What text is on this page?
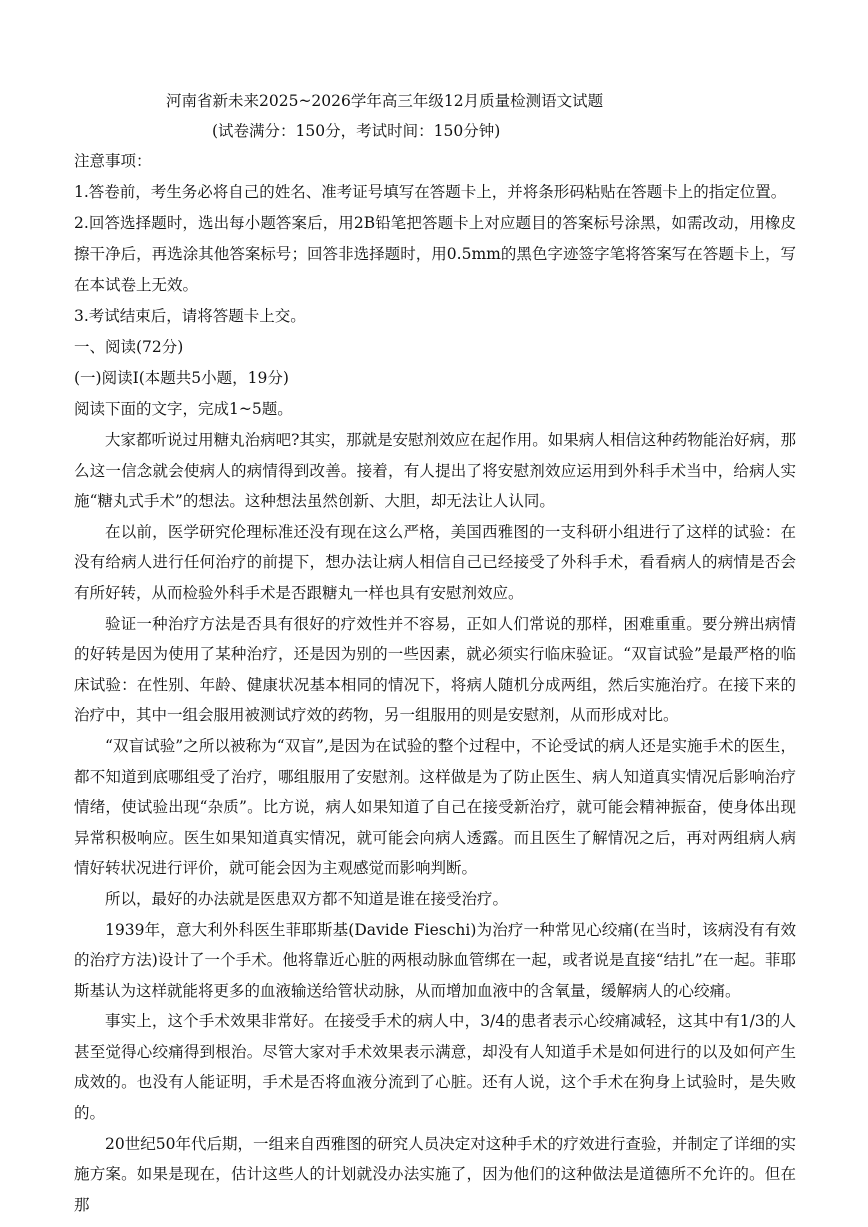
河南省新未来2025~2026学年高三年级12月质量检测语文试题

(试卷满分：150分，考试时间：150分钟)

注意事项：

1.答卷前，考生务必将自己的姓名、准考证号填写在答题卡上，并将条形码粘贴在答题卡上的指定位置。

2.回答选择题时，选出每小题答案后，用2B铅笔把答题卡上对应题目的答案标号涂黑，如需改动，用橡皮擦干净后，再选涂其他答案标号；回答非选择题时，用0.5mm的黑色字迹签字笔将答案写在答题卡上，写在本试卷上无效。

3.考试结束后，请将答题卡上交。

一、阅读(72分)

(一)阅读I(本题共5小题，19分)

阅读下面的文字，完成1~5题。

大家都听说过用糖丸治病吧?其实，那就是安慰剂效应在起作用。如果病人相信这种药物能治好病，那么这一信念就会使病人的病情得到改善。接着，有人提出了将安慰剂效应运用到外科手术当中，给病人实施“糖丸式手术”的想法。这种想法虽然创新、大胆，却无法让人认同。

在以前，医学研究伦理标准还没有现在这么严格，美国西雅图的一支科研小组进行了这样的试验：在没有给病人进行任何治疗的前提下，想办法让病人相信自己已经接受了外科手术，看看病人的病情是否会有所好转，从而检验外科手术是否跟糖丸一样也具有安慰剂效应。

验证一种治疗方法是否具有很好的疗效性并不容易，正如人们常说的那样，困难重重。要分辨出病情的好转是因为使用了某种治疗，还是因为别的一些因素，就必须实行临床验证。“双盲试验”是最严格的临床试验：在性别、年龄、健康状况基本相同的情况下，将病人随机分成两组，然后实施治疗。在接下来的治疗中，其中一组会服用被测试疗效的药物，另一组服用的则是安慰剂，从而形成对比。

“双盲试验”之所以被称为“双盲”,是因为在试验的整个过程中，不论受试的病人还是实施手术的医生，都不知道到底哪组受了治疗，哪组服用了安慰剂。这样做是为了防止医生、病人知道真实情况后影响治疗情绪，使试验出现“杂质”。比方说，病人如果知道了自己在接受新治疗，就可能会精神振奋，使身体出现异常积极响应。医生如果知道真实情况，就可能会向病人透露。而且医生了解情况之后，再对两组病人病情好转状况进行评价，就可能会因为主观感觉而影响判断。

所以，最好的办法就是医患双方都不知道是谁在接受治疗。

1939年，意大利外科医生菲耶斯基(Davide Fieschi)为治疗一种常见心绞痛(在当时，该病没有有效的治疗方法)设计了一个手术。他将靠近心脏的两根动脉血管绑在一起，或者说是直接“结扎”在一起。菲耶斯基认为这样就能将更多的血液输送给管状动脉，从而增加血液中的含氧量，缓解病人的心绞痛。

事实上，这个手术效果非常好。在接受手术的病人中，3/4的患者表示心绞痛减轻，这其中有1/3的人甚至觉得心绞痛得到根治。尽管大家对手术效果表示满意，却没有人知道手术是如何进行的以及如何产生成效的。也没有人能证明，手术是否将血液分流到了心脏。还有人说，这个手术在狗身上试验时，是失败的。

20世纪50年代后期，一组来自西雅图的研究人员决定对这种手术的疗效进行查验，并制定了详细的实施方案。如果是现在，估计这些人的计划就没办法实施了，因为他们的这种做法是道德所不允许的。但在那
